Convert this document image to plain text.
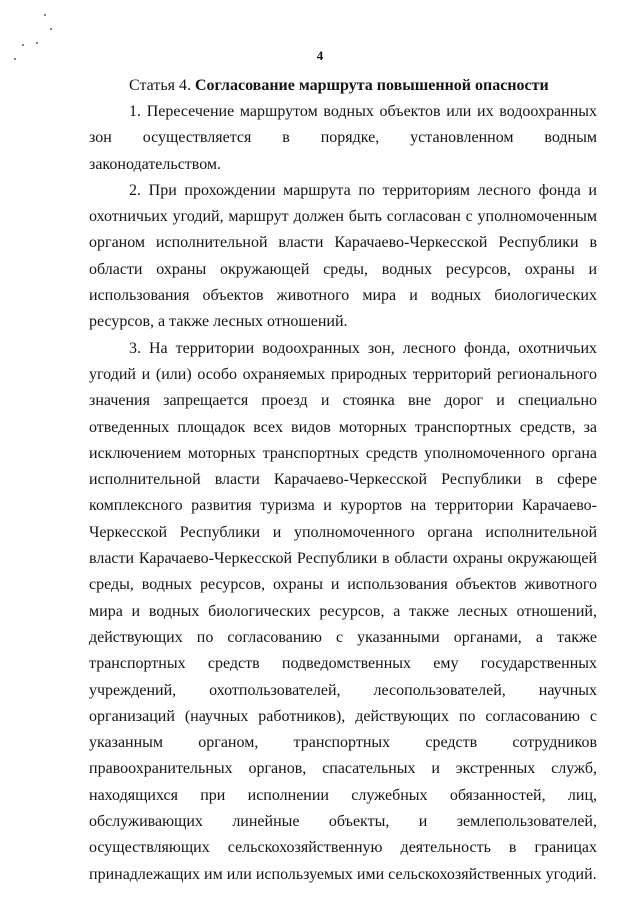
4
Статья 4. Согласование маршрута повышенной опасности

1. Пересечение маршрутом водных объектов или их водоохранных зон осуществляется в порядке, установленном водным законодательством.

2. При прохождении маршрута по территориям лесного фонда и охотничьих угодий, маршрут должен быть согласован с уполномоченным органом исполнительной власти Карачаево-Черкесской Республики в области охраны окружающей среды, водных ресурсов, охраны и использования объектов животного мира и водных биологических ресурсов, а также лесных отношений.

3. На территории водоохранных зон, лесного фонда, охотничьих угодий и (или) особо охраняемых природных территорий регионального значения запрещается проезд и стоянка вне дорог и специально отведенных площадок всех видов моторных транспортных средств, за исключением моторных транспортных средств уполномоченного органа исполнительной власти Карачаево-Черкесской Республики в сфере комплексного развития туризма и курортов на территории Карачаево-Черкесской Республики и уполномоченного органа исполнительной власти Карачаево-Черкесской Республики в области охраны окружающей среды, водных ресурсов, охраны и использования объектов животного мира и водных биологических ресурсов, а также лесных отношений, действующих по согласованию с указанными органами, а также транспортных средств подведомственных ему государственных учреждений, охотпользователей, лесопользователей, научных организаций (научных работников), действующих по согласованию с указанным органом, транспортных средств сотрудников правоохранительных органов, спасательных и экстренных служб, находящихся при исполнении служебных обязанностей, лиц, обслуживающих линейные объекты, и землепользователей, осуществляющих сельскохозяйственную деятельность в границах принадлежащих им или используемых ими сельскохозяйственных угодий.
